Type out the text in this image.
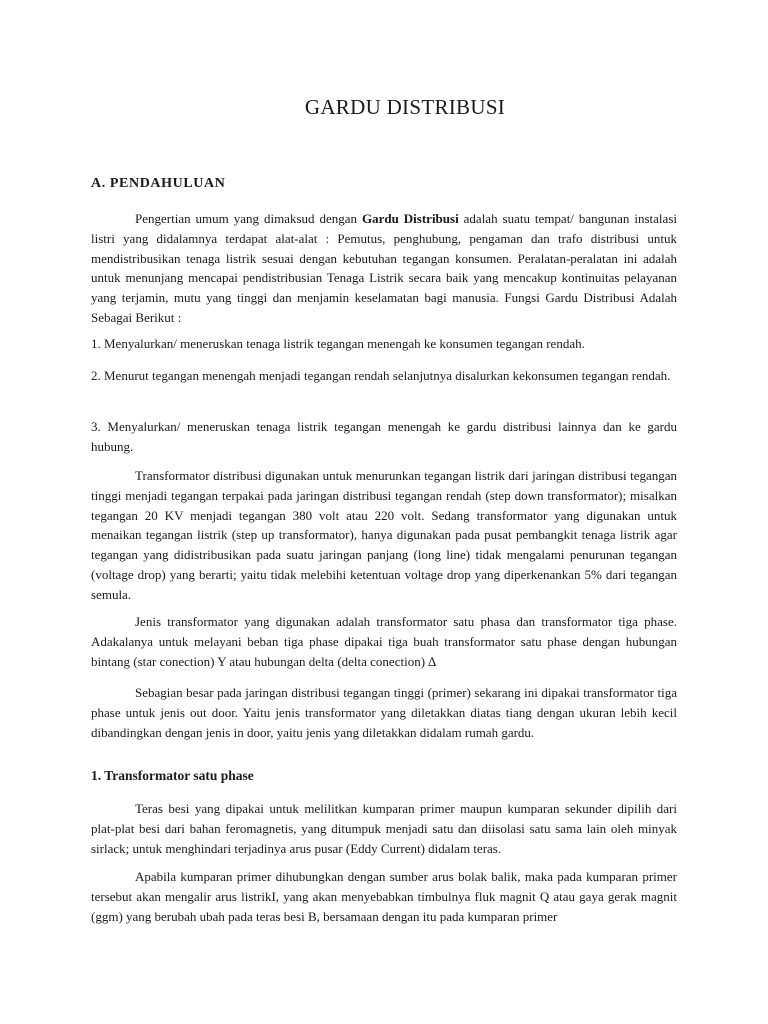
GARDU DISTRIBUSI
A. PENDAHULUAN

Pengertian umum yang dimaksud dengan Gardu Distribusi adalah suatu tempat/ bangunan instalasi listri yang didalamnya terdapat alat-alat : Pemutus, penghubung, pengaman dan trafo distribusi untuk mendistribusikan tenaga listrik sesuai dengan kebutuhan tegangan konsumen. Peralatan-peralatan ini adalah untuk menunjang mencapai pendistribusian Tenaga Listrik secara baik yang mencakup kontinuitas pelayanan yang terjamin, mutu yang tinggi dan menjamin keselamatan bagi manusia. Fungsi Gardu Distribusi Adalah Sebagai Berikut :

1. Menyalurkan/ meneruskan tenaga listrik tegangan menengah ke konsumen tegangan rendah.

2. Menurut tegangan menengah menjadi tegangan rendah selanjutnya disalurkan kekonsumen tegangan rendah.

3. Menyalurkan/ meneruskan tenaga listrik tegangan menengah ke gardu distribusi lainnya dan ke gardu hubung.

Transformator distribusi digunakan untuk menurunkan tegangan listrik dari jaringan distribusi tegangan tinggi menjadi tegangan terpakai pada jaringan distribusi tegangan rendah (step down transformator); misalkan tegangan 20 KV menjadi tegangan 380 volt atau 220 volt. Sedang transformator yang digunakan untuk menaikan tegangan listrik (step up transformator), hanya digunakan pada pusat pembangkit tenaga listrik agar tegangan yang didistribusikan pada suatu jaringan panjang (long line) tidak mengalami penurunan tegangan (voltage drop) yang berarti; yaitu tidak melebihi ketentuan voltage drop yang diperkenankan 5% dari tegangan semula.

Jenis transformator yang digunakan adalah transformator satu phasa dan transformator tiga phase. Adakalanya untuk melayani beban tiga phase dipakai tiga buah transformator satu phase dengan hubungan bintang (star conection) Y atau hubungan delta (delta conection) ∆

Sebagian besar pada jaringan distribusi tegangan tinggi (primer) sekarang ini dipakai transformator tiga phase untuk jenis out door. Yaitu jenis transformator yang diletakkan diatas tiang dengan ukuran lebih kecil dibandingkan dengan jenis in door, yaitu jenis yang diletakkan didalam rumah gardu.

1. Transformator satu phase

Teras besi yang dipakai untuk melilitkan kumparan primer maupun kumparan sekunder dipilih dari plat-plat besi dari bahan feromagnetis, yang ditumpuk menjadi satu dan diisolasi satu sama lain oleh minyak sirlack; untuk menghindari terjadinya arus pusar (Eddy Current) didalam teras.

Apabila kumparan primer dihubungkan dengan sumber arus bolak balik, maka pada kumparan primer tersebut akan mengalir arus listrikI, yang akan menyebabkan timbulnya fluk magnit Q atau gaya gerak magnit (ggm) yang berubah ubah pada teras besi B, bersamaan dengan itu pada kumparan primer
